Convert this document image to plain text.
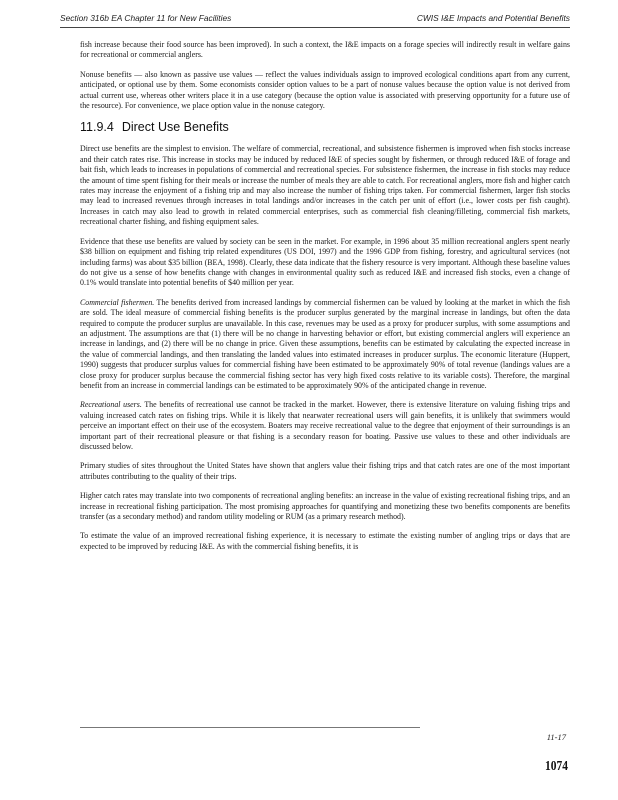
Section 316b EA Chapter 11 for New Facilities	CWIS I&E Impacts and Potential Benefits

fish increase because their food source has been improved). In such a context, the I&E impacts on a forage species will indirectly result in welfare gains for recreational or commercial anglers.

Nonuse benefits — also known as passive use values — reflect the values individuals assign to improved ecological conditions apart from any current, anticipated, or optional use by them. Some economists consider option values to be a part of nonuse values because the option value is not derived from actual current use, whereas other writers place it in a use category (because the option value is associated with preserving opportunity for a future use of the resource). For convenience, we place option value in the nonuse category.

11.9.4 Direct Use Benefits

Direct use benefits are the simplest to envision. The welfare of commercial, recreational, and subsistence fishermen is improved when fish stocks increase and their catch rates rise. This increase in stocks may be induced by reduced I&E of species sought by fishermen, or through reduced I&E of forage and bait fish, which leads to increases in populations of commercial and recreational species. For subsistence fishermen, the increase in fish stocks may reduce the amount of time spent fishing for their meals or increase the number of meals they are able to catch. For recreational anglers, more fish and higher catch rates may increase the enjoyment of a fishing trip and may also increase the number of fishing trips taken. For commercial fishermen, larger fish stocks may lead to increased revenues through increases in total landings and/or increases in the catch per unit of effort (i.e., lower costs per fish caught). Increases in catch may also lead to growth in related commercial enterprises, such as commercial fish cleaning/filleting, commercial fish markets, recreational charter fishing, and fishing equipment sales.

Evidence that these use benefits are valued by society can be seen in the market. For example, in 1996 about 35 million recreational anglers spent nearly $38 billion on equipment and fishing trip related expenditures (US DOI, 1997) and the 1996 GDP from fishing, forestry, and agricultural services (not including farms) was about $35 billion (BEA, 1998). Clearly, these data indicate that the fishery resource is very important. Although these baseline values do not give us a sense of how benefits change with changes in environmental quality such as reduced I&E and increased fish stocks, even a change of 0.1% would translate into potential benefits of $40 million per year.

Commercial fishermen. The benefits derived from increased landings by commercial fishermen can be valued by looking at the market in which the fish are sold. The ideal measure of commercial fishing benefits is the producer surplus generated by the marginal increase in landings, but often the data required to compute the producer surplus are unavailable. In this case, revenues may be used as a proxy for producer surplus, with some assumptions and an adjustment. The assumptions are that (1) there will be no change in harvesting behavior or effort, but existing commercial anglers will experience an increase in landings, and (2) there will be no change in price. Given these assumptions, benefits can be estimated by calculating the expected increase in the value of commercial landings, and then translating the landed values into estimated increases in producer surplus. The economic literature (Huppert, 1990) suggests that producer surplus values for commercial fishing have been estimated to be approximately 90% of total revenue (landings values are a close proxy for producer surplus because the commercial fishing sector has very high fixed costs relative to its variable costs). Therefore, the marginal benefit from an increase in commercial landings can be estimated to be approximately 90% of the anticipated change in revenue.

Recreational users. The benefits of recreational use cannot be tracked in the market. However, there is extensive literature on valuing fishing trips and valuing increased catch rates on fishing trips. While it is likely that nearwater recreational users will gain benefits, it is unlikely that swimmers would perceive an important effect on their use of the ecosystem. Boaters may receive recreational value to the degree that enjoyment of their surroundings is an important part of their recreational pleasure or that fishing is a secondary reason for boating. Passive use values to these and other individuals are discussed below.

Primary studies of sites throughout the United States have shown that anglers value their fishing trips and that catch rates are one of the most important attributes contributing to the quality of their trips.

Higher catch rates may translate into two components of recreational angling benefits: an increase in the value of existing recreational fishing trips, and an increase in recreational fishing participation. The most promising approaches for quantifying and monetizing these two benefits components are benefits transfer (as a secondary method) and random utility modeling or RUM (as a primary research method).

To estimate the value of an improved recreational fishing experience, it is necessary to estimate the existing number of angling trips or days that are expected to be improved by reducing I&E. As with the commercial fishing benefits, it is

11-17
1074
